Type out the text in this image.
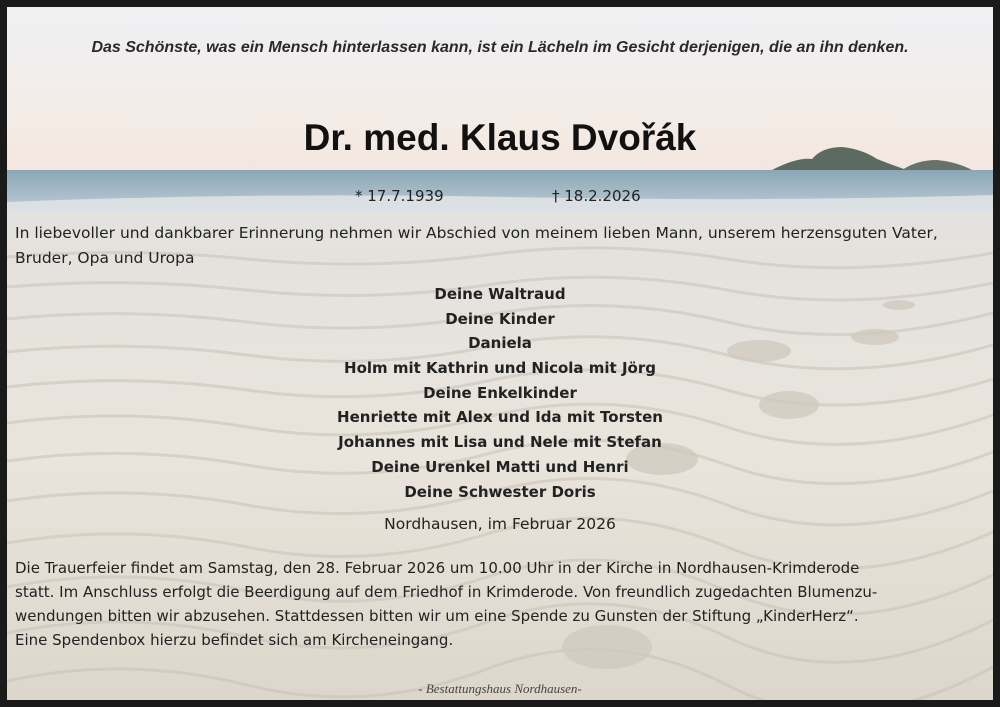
Das Schönste, was ein Mensch hinterlassen kann, ist ein Lächeln im Gesicht derjenigen, die an ihn denken.
Dr. med. Klaus Dvořák
* 17.7.1939	† 18.2.2026
In liebevoller und dankbarer Erinnerung nehmen wir Abschied von meinem lieben Mann, unserem herzensguten Vater, Bruder, Opa und Uropa
Deine Waltraud
Deine Kinder
Daniela
Holm mit Kathrin und Nicola mit Jörg
Deine Enkelkinder
Henriette mit Alex und Ida mit Torsten
Johannes mit Lisa und Nele mit Stefan
Deine Urenkel Matti und Henri
Deine Schwester Doris
Nordhausen, im Februar 2026
Die Trauerfeier findet am Samstag, den 28. Februar 2026 um 10.00 Uhr in der Kirche in Nordhausen-Krimderode
statt. Im Anschluss erfolgt die Beerdigung auf dem Friedhof in Krimderode. Von freundlich zugedachten Blumenzu-
wendungen bitten wir abzusehen. Stattdessen bitten wir um eine Spende zu Gunsten der Stiftung „KinderHerz“.
Eine Spendenbox hierzu befindet sich am Kircheneingang.
- Bestattungshaus Nordhausen-
